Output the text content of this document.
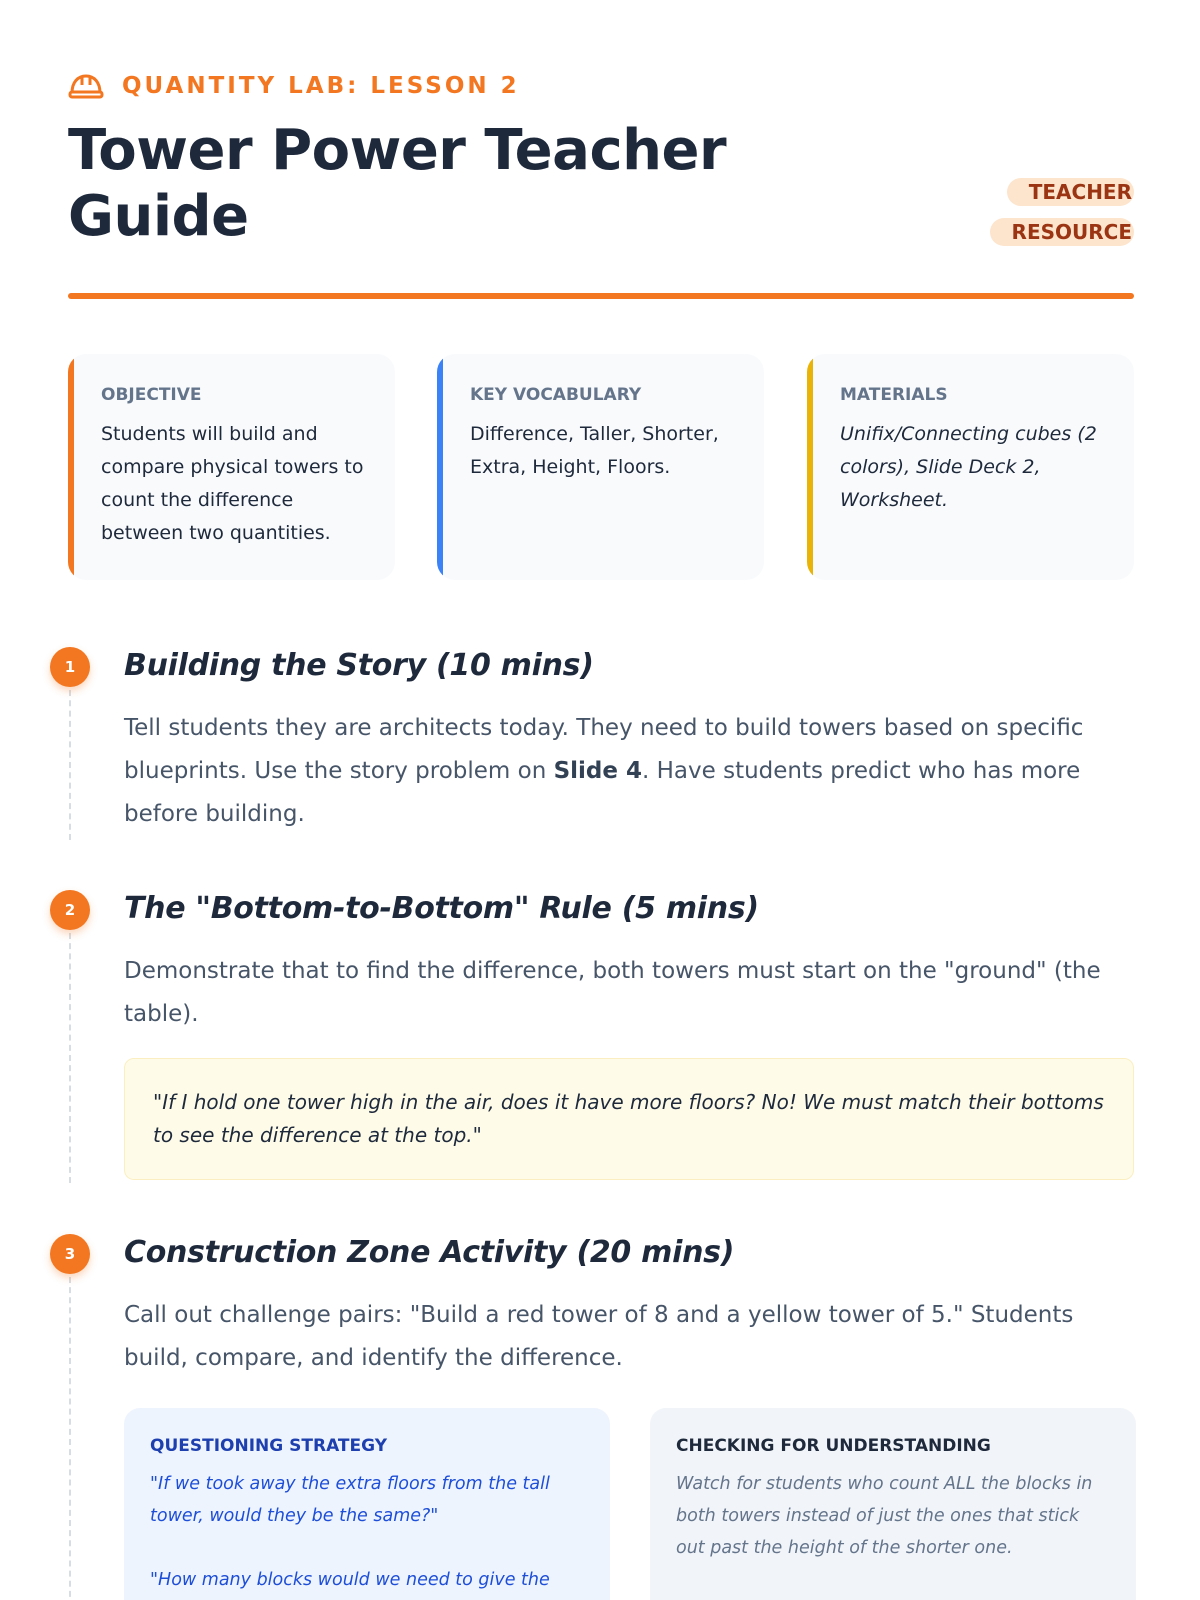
QUANTITY LAB: LESSON 2
Tower Power Teacher Guide	TEACHER RESOURCE
OBJECTIVE
Students will build and compare physical towers to count the difference between two quantities.
KEY VOCABULARY
Difference, Taller, Shorter, Extra, Height, Floors.
MATERIALS
Unifix/Connecting cubes (2 colors), Slide Deck 2, Worksheet.
1	Building the Story (10 mins)

Tell students they are architects today. They need to build towers based on specific blueprints. Use the story problem on Slide 4. Have students predict who has more before building.

2	The "Bottom-to-Bottom" Rule (5 mins)

Demonstrate that to find the difference, both towers must start on the "ground" (the table).

"If I hold one tower high in the air, does it have more floors? No! We must match their bottoms to see the difference at the top."
3	Construction Zone Activity (20 mins)

Call out challenge pairs: "Build a red tower of 8 and a yellow tower of 5." Students build, compare, and identify the difference.

QUESTIONING STRATEGY
"If we took away the extra floors from the tall tower, would they be the same?"
"How many blocks would we need to give the
CHECKING FOR UNDERSTANDING
Watch for students who count ALL the blocks in both towers instead of just the ones that stick out past the height of the shorter one.
